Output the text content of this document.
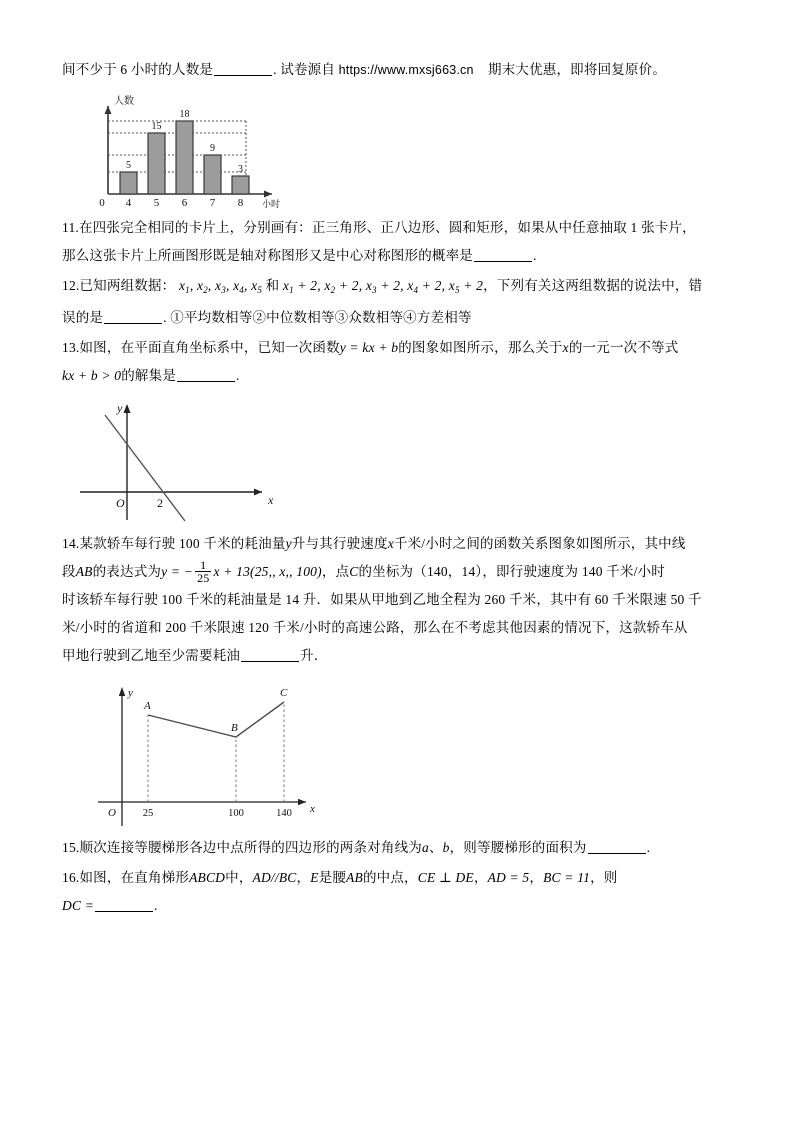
间不少于 6 小时的人数是	. 试卷源自 https://www.mxsj663.cn 期末大优惠，即将回复原价。
5
15
18
9
3
4 5 6 7 8
0
人数
小时
11.在四张完全相同的卡片上，分别画有：正三角形、正八边形、圆和矩形，如果从中任意抽取 1 张卡片，
那么这张卡片上所画图形既是轴对称图形又是中心对称图形的概率是	.
12.已知两组数据： $x_1$, $x_2$, $x_3$, $x_4$, $x_5$ 和 $x_1 + 2$, $x_2 + 2$, $x_3 + 2$, $x_4 + 2$, $x_5 + 2$，下列有关这两组数据的说法中，错
误的是	. ①平均数相等②中位数相等③众数相等④方差相等
13.如图，在平面直角坐标系中，已知一次函数y = kx + b的图象如图所示，那么关于x的一元一次不等式
kx + b > 0的解集是	.
y
x
O	2
14.某款轿车每行驶 100 千米的耗油量y升与其行驶速度x千米/小时之间的函数关系图象如图所示，其中线
段AB的表达式为y = − $\frac{1}{25}$ x + 13(25,, x,, 100)，点C的坐标为（140，14），即行驶速度为 140 千米/小时
时该轿车每行驶 100 千米的耗油量是 14 升．如果从甲地到乙地全程为 260 千米，其中有 60 千米限速 50 千
米/小时的省道和 200 千米限速 120 千米/小时的高速公路，那么在不考虑其他因素的情况下，这款轿车从
甲地行驶到乙地至少需要耗油	升．
A
B
C
y
x
O	25	100	140
15.顺次连接等腰梯形各边中点所得的四边形的两条对角线为a、b，则等腰梯形的面积为	.
16.如图，在直角梯形ABCD中，AD//BC，E是腰AB的中点，CE ⊥ DE，AD = 5，BC = 11，则
DC =	.
